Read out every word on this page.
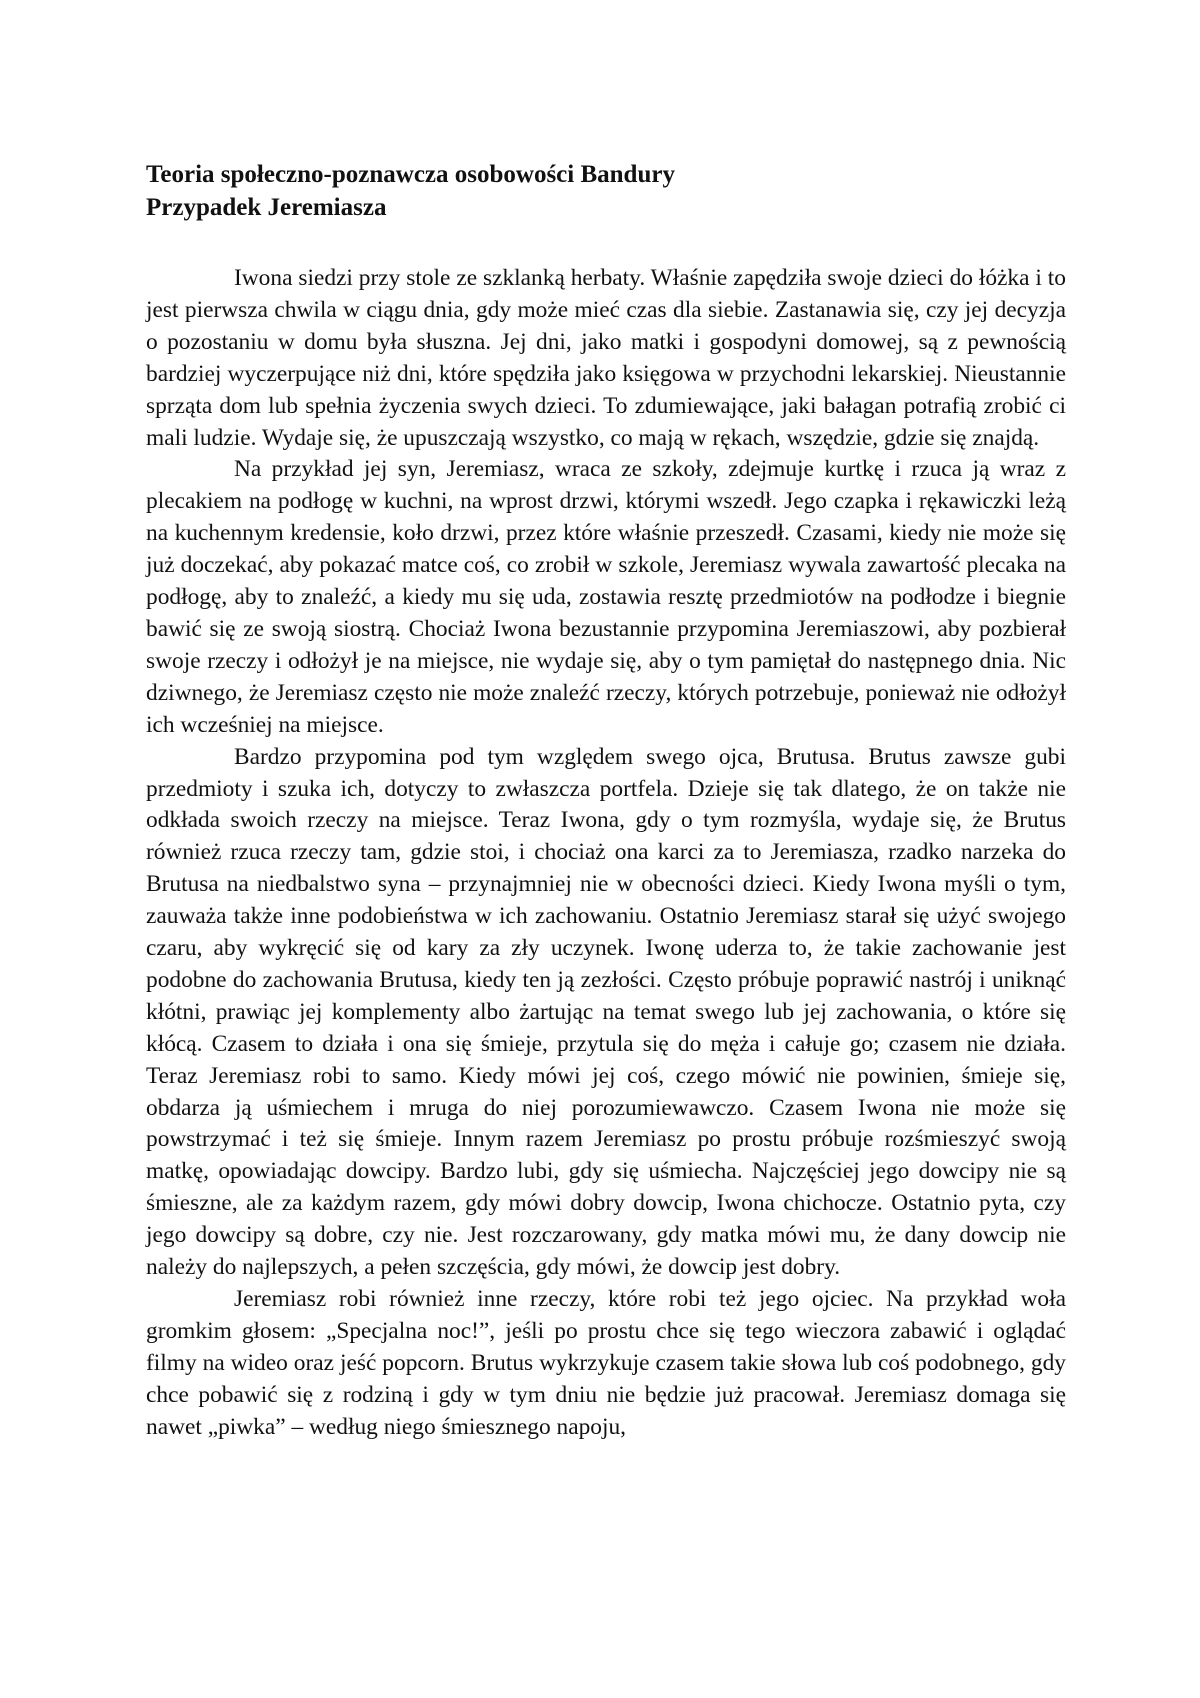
Teoria społeczno-poznawcza osobowości Bandury
Przypadek Jeremiasza

Iwona siedzi przy stole ze szklanką herbaty. Właśnie zapędziła swoje dzieci do łóżka i to jest pierwsza chwila w ciągu dnia, gdy może mieć czas dla siebie. Zastanawia się, czy jej decyzja o pozostaniu w domu była słuszna. Jej dni, jako matki i gospodyni domowej, są z pewnością bardziej wyczerpujące niż dni, które spędziła jako księgowa w przychodni lekarskiej. Nieustannie sprząta dom lub spełnia życzenia swych dzieci. To zdumiewające, jaki bałagan potrafią zrobić ci mali ludzie. Wydaje się, że upuszczają wszystko, co mają w rękach, wszędzie, gdzie się znajdą.

Na przykład jej syn, Jeremiasz, wraca ze szkoły, zdejmuje kurtkę i rzuca ją wraz z plecakiem na podłogę w kuchni, na wprost drzwi, którymi wszedł. Jego czapka i rękawiczki leżą na kuchennym kredensie, koło drzwi, przez które właśnie przeszedł. Czasami, kiedy nie może się już doczekać, aby pokazać matce coś, co zrobił w szkole, Jeremiasz wywala zawartość plecaka na podłogę, aby to znaleźć, a kiedy mu się uda, zostawia resztę przedmiotów na podłodze i biegnie bawić się ze swoją siostrą. Chociaż Iwona bezustannie przypomina Jeremiaszowi, aby pozbierał swoje rzeczy i odłożył je na miejsce, nie wydaje się, aby o tym pamiętał do następnego dnia. Nic dziwnego, że Jeremiasz często nie może znaleźć rzeczy, których potrzebuje, ponieważ nie odłożył ich wcześniej na miejsce.

Bardzo przypomina pod tym względem swego ojca, Brutusa. Brutus zawsze gubi przedmioty i szuka ich, dotyczy to zwłaszcza portfela. Dzieje się tak dlatego, że on także nie odkłada swoich rzeczy na miejsce. Teraz Iwona, gdy o tym rozmyśla, wydaje się, że Brutus również rzuca rzeczy tam, gdzie stoi, i chociaż ona karci za to Jeremiasza, rzadko narzeka do Brutusa na niedbalstwo syna – przynajmniej nie w obecności dzieci. Kiedy Iwona myśli o tym, zauważa także inne podobieństwa w ich zachowaniu. Ostatnio Jeremiasz starał się użyć swojego czaru, aby wykręcić się od kary za zły uczynek. Iwonę uderza to, że takie zachowanie jest podobne do zachowania Brutusa, kiedy ten ją zezłości. Często próbuje poprawić nastrój i uniknąć kłótni, prawiąc jej komplementy albo żartując na temat swego lub jej zachowania, o które się kłócą. Czasem to działa i ona się śmieje, przytula się do męża i całuje go; czasem nie działa. Teraz Jeremiasz robi to samo. Kiedy mówi jej coś, czego mówić nie powinien, śmieje się, obdarza ją uśmiechem i mruga do niej porozumiewawczo. Czasem Iwona nie może się powstrzymać i też się śmieje. Innym razem Jeremiasz po prostu próbuje rozśmieszyć swoją matkę, opowiadając dowcipy. Bardzo lubi, gdy się uśmiecha. Najczęściej jego dowcipy nie są śmieszne, ale za każdym razem, gdy mówi dobry dowcip, Iwona chichocze. Ostatnio pyta, czy jego dowcipy są dobre, czy nie. Jest rozczarowany, gdy matka mówi mu, że dany dowcip nie należy do najlepszych, a pełen szczęścia, gdy mówi, że dowcip jest dobry.

Jeremiasz robi również inne rzeczy, które robi też jego ojciec. Na przykład woła gromkim głosem: „Specjalna noc!”, jeśli po prostu chce się tego wieczora zabawić i oglądać filmy na wideo oraz jeść popcorn. Brutus wykrzykuje czasem takie słowa lub coś podobnego, gdy chce pobawić się z rodziną i gdy w tym dniu nie będzie już pracował. Jeremiasz domaga się nawet „piwka” – według niego śmiesznego napoju,
